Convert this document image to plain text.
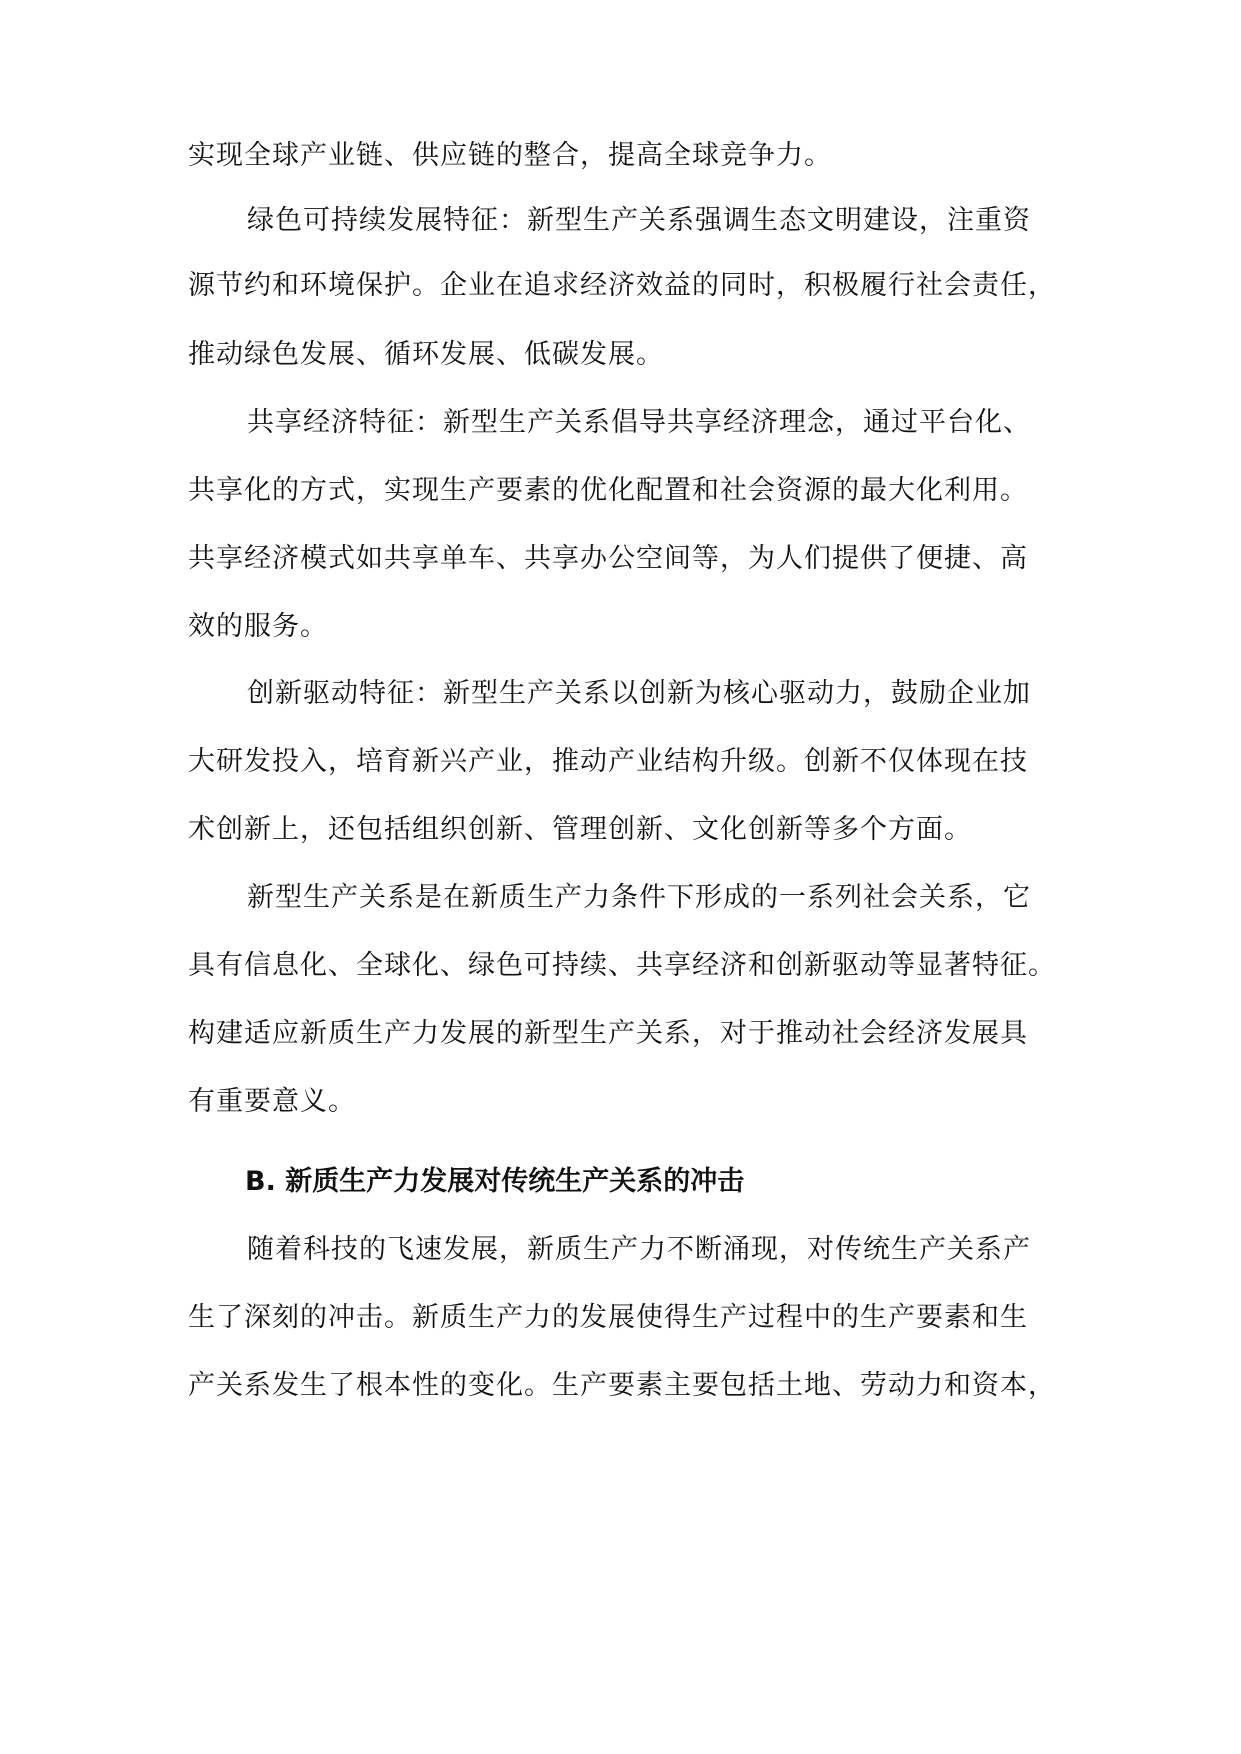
实现全球产业链、供应链的整合，提高全球竞争力。
绿色可持续发展特征：新型生产关系强调生态文明建设，注重资
源节约和环境保护。企业在追求经济效益的同时，积极履行社会责任，
推动绿色发展、循环发展、低碳发展。
共享经济特征：新型生产关系倡导共享经济理念，通过平台化、
共享化的方式，实现生产要素的优化配置和社会资源的最大化利用。
共享经济模式如共享单车、共享办公空间等，为人们提供了便捷、高
效的服务。
创新驱动特征：新型生产关系以创新为核心驱动力，鼓励企业加
大研发投入，培育新兴产业，推动产业结构升级。创新不仅体现在技
术创新上，还包括组织创新、管理创新、文化创新等多个方面。
新型生产关系是在新质生产力条件下形成的一系列社会关系，它
具有信息化、全球化、绿色可持续、共享经济和创新驱动等显著特征。
构建适应新质生产力发展的新型生产关系，对于推动社会经济发展具
有重要意义。
B. 新质生产力发展对传统生产关系的冲击
随着科技的飞速发展，新质生产力不断涌现，对传统生产关系产
生了深刻的冲击。新质生产力的发展使得生产过程中的生产要素和生
产关系发生了根本性的变化。生产要素主要包括土地、劳动力和资本，
